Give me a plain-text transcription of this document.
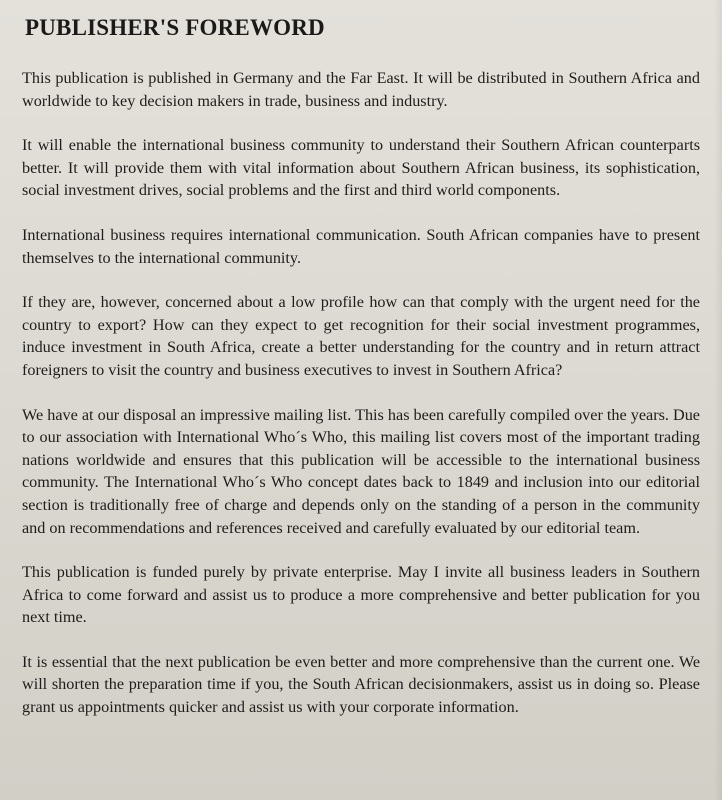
PUBLISHER'S FOREWORD

This publication is published in Germany and the Far East. It will be distributed in Southern Africa and worldwide to key decision makers in trade, business and industry.

It will enable the international business community to understand their Southern African counterparts better. It will provide them with vital information about Southern African business, its sophistication, social investment drives, social problems and the first and third world components.

International business requires international communication. South African companies have to present themselves to the international community.

If they are, however, concerned about a low profile how can that comply with the urgent need for the country to export? How can they expect to get recognition for their social investment programmes, induce investment in South Africa, create a better understanding for the country and in return attract foreigners to visit the country and business executives to invest in Southern Africa?

We have at our disposal an impressive mailing list. This has been carefully compiled over the years. Due to our association with International Who´s Who, this mailing list covers most of the important trading nations worldwide and ensures that this publication will be accessible to the international business community. The International Who´s Who concept dates back to 1849 and inclusion into our editorial section is traditionally free of charge and depends only on the standing of a person in the community and on recommendations and references received and carefully evaluated by our editorial team.

This publication is funded purely by private enterprise. May I invite all business leaders in Southern Africa to come forward and assist us to produce a more comprehensive and better publication for you next time.

It is essential that the next publication be even better and more comprehensive than the current one. We will shorten the preparation time if you, the South African decisionmakers, assist us in doing so. Please grant us appointments quicker and assist us with your corporate information.
